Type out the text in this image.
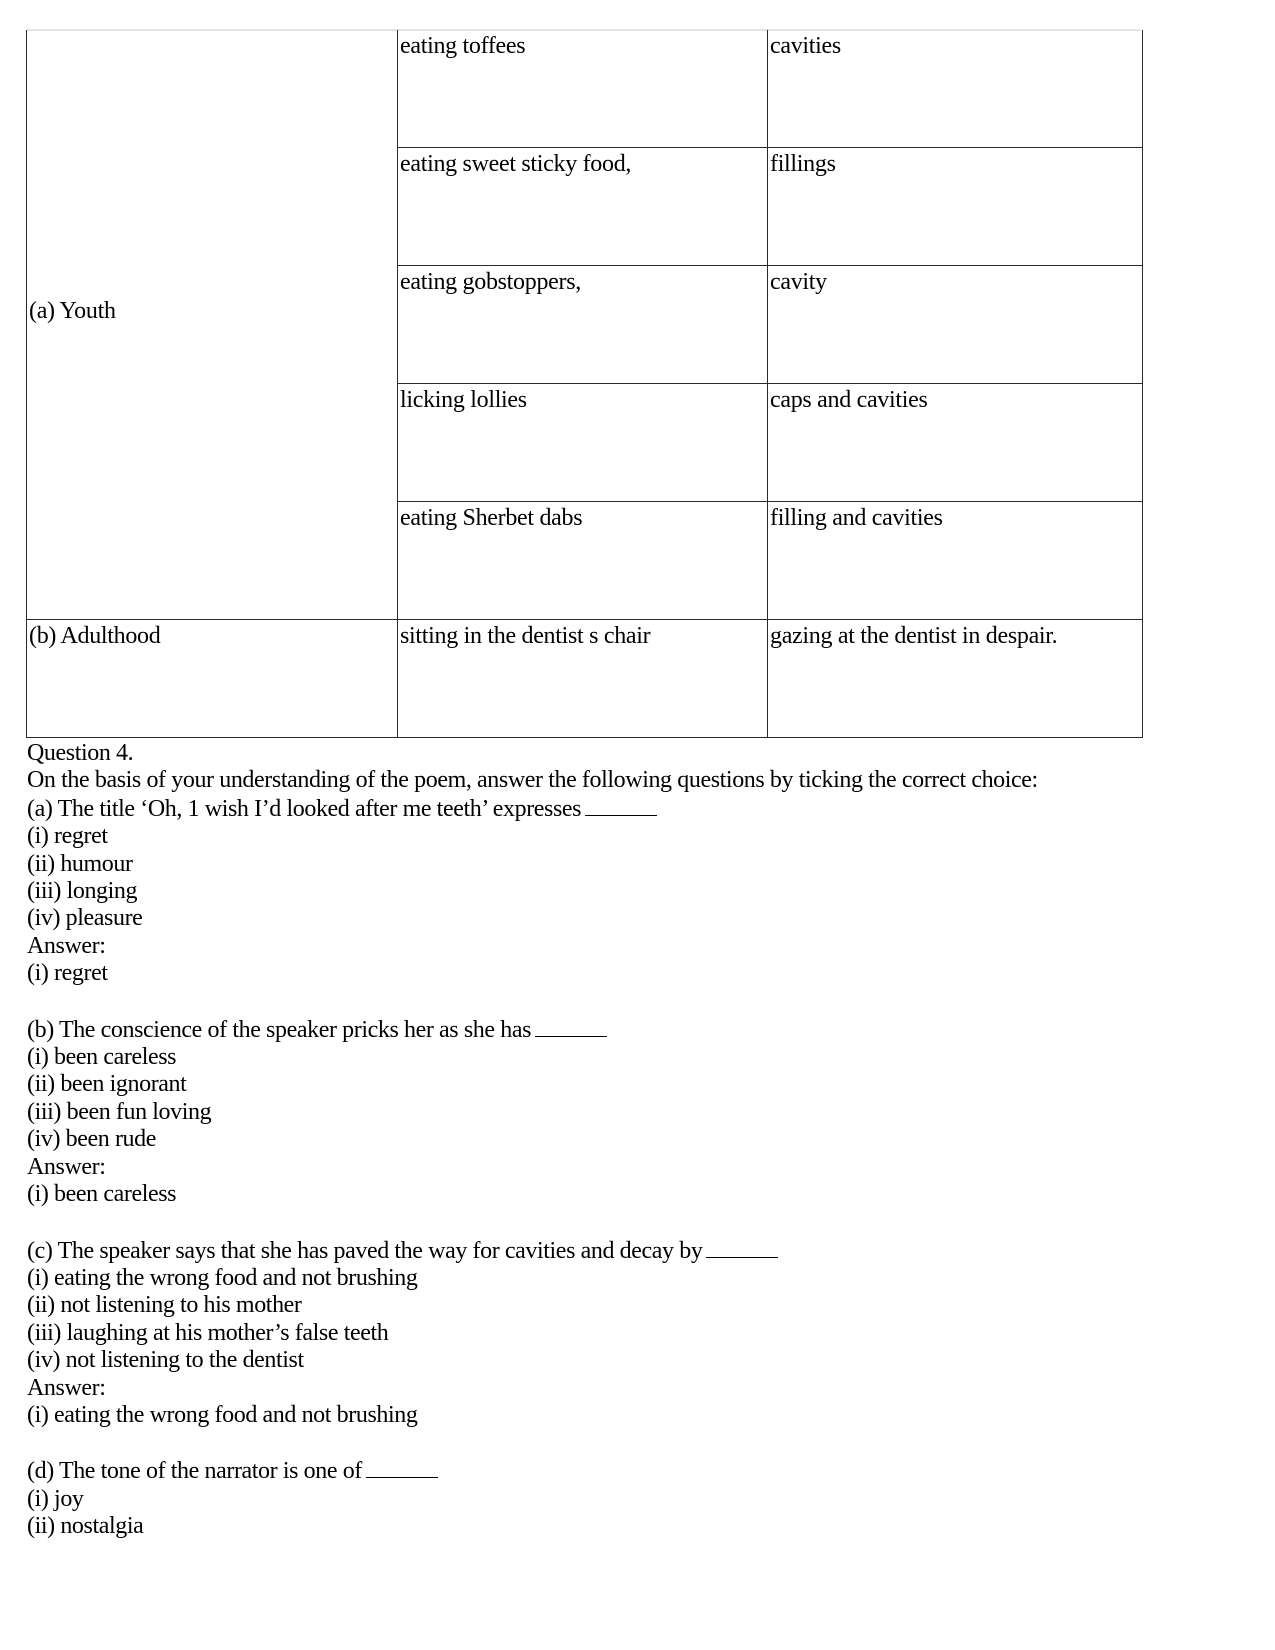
(a) Youth	eating toffees	cavities
	eating sweet sticky food,	fillings
	eating gobstoppers,	cavity
	licking lollies	caps and cavities
	eating Sherbet dabs	filling and cavities
(b) Adulthood	sitting in the dentist s chair	gazing at the dentist in despair.
Question 4.
On the basis of your understanding of the poem, answer the following questions by ticking the correct choice:
(a) The title ‘Oh, 1 wish I’d looked after me teeth’ expresses
(i) regret
(ii) humour
(iii) longing
(iv) pleasure
Answer:
(i) regret
(b) The conscience of the speaker pricks her as she has
(i) been careless
(ii) been ignorant
(iii) been fun loving
(iv) been rude
Answer:
(i) been careless
(c) The speaker says that she has paved the way for cavities and decay by
(i) eating the wrong food and not brushing
(ii) not listening to his mother
(iii) laughing at his mother’s false teeth
(iv) not listening to the dentist
Answer:
(i) eating the wrong food and not brushing
(d) The tone of the narrator is one of
(i) joy
(ii) nostalgia
